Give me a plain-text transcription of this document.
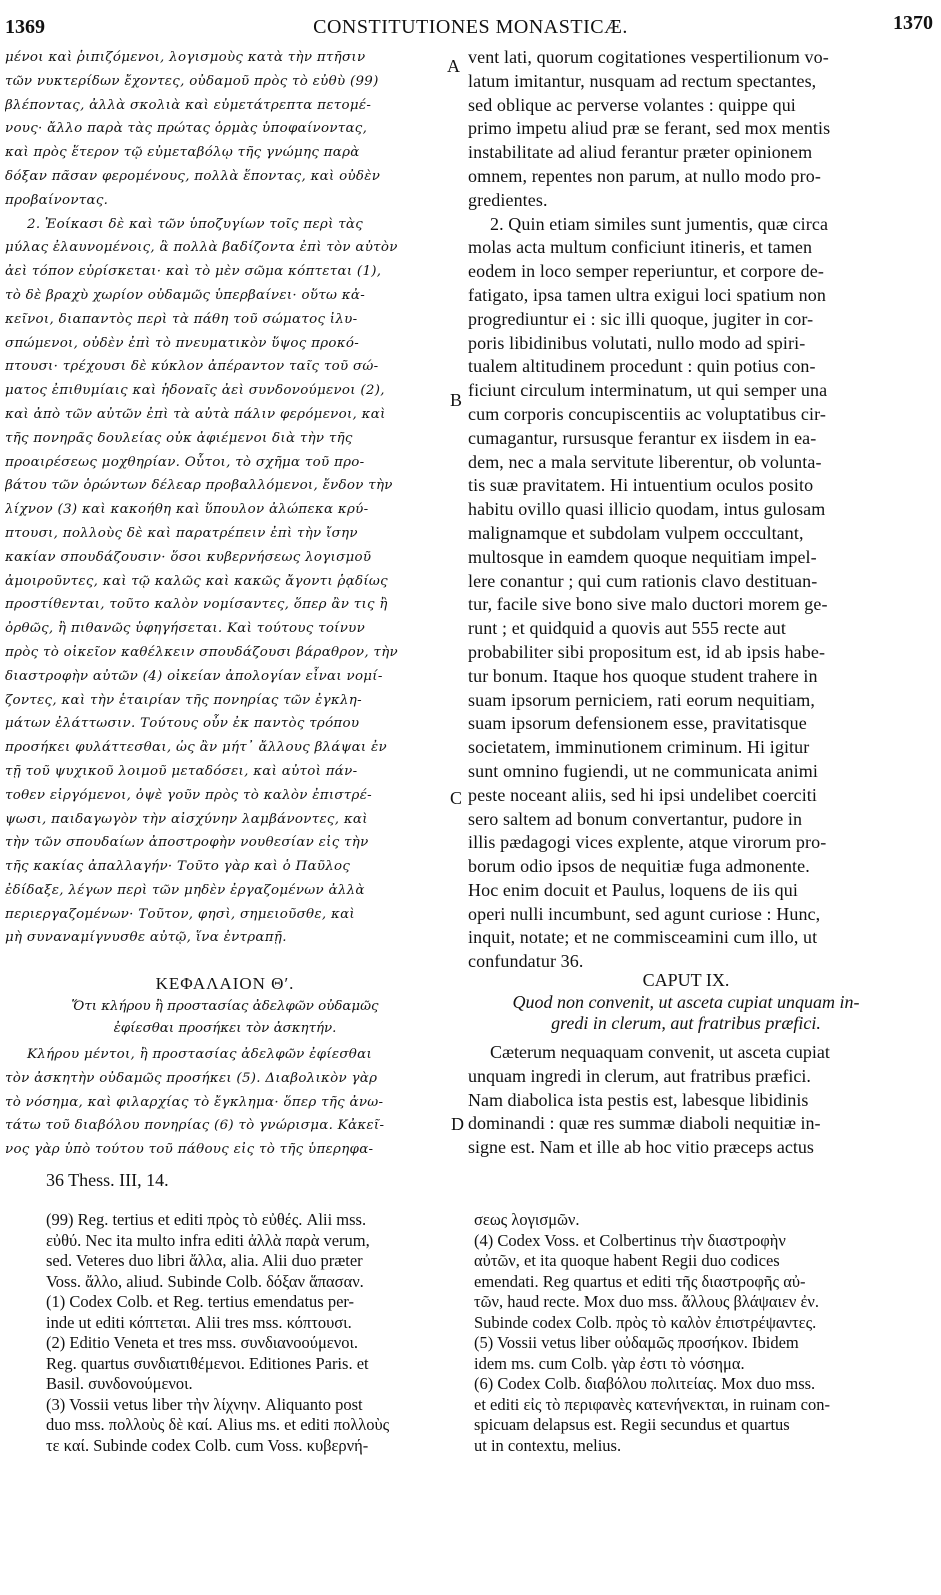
1369	CONSTITUTIONES MONASTICÆ.	1370
μένοι καὶ ῥιπιζόμενοι, λογισμοὺς κατὰ τὴν πτῆσιν
τῶν νυκτερίδων ἔχοντες, οὐδαμοῦ πρὸς τὸ εὐθὺ (99)
βλέποντας, ἀλλὰ σκολιὰ καὶ εὐμετάτρεπτα πετομέ-
νους· ἄλλο παρὰ τὰς πρώτας ὁρμὰς ὑποφαίνοντας,
καὶ πρὸς ἕτερον τῷ εὐμεταβόλῳ τῆς γνώμης παρὰ
δόξαν πᾶσαν φερομένους, πολλὰ ἕποντας, καὶ οὐδὲν
προβαίνοντας.
2. Ἐοίκασι δὲ καὶ τῶν ὑποζυγίων τοῖς περὶ τὰς
μύλας ἐλαυνομένοις, ἃ πολλὰ βαδίζοντα ἐπὶ τὸν αὐτὸν
ἀεὶ τόπον εὑρίσκεται· καὶ τὸ μὲν σῶμα κόπτεται (1),
τὸ δὲ βραχὺ χωρίον οὐδαμῶς ὑπερβαίνει· οὕτω κἀ-
κεῖνοι, διαπαντὸς περὶ τὰ πάθη τοῦ σώματος ἰλυ-
σπώμενοι, οὐδὲν ἐπὶ τὸ πνευματικὸν ὕψος προκό-
πτουσι· τρέχουσι δὲ κύκλον ἀπέραντον ταῖς τοῦ σώ-
ματος ἐπιθυμίαις καὶ ἡδοναῖς ἀεὶ συνδονούμενοι (2),
καὶ ἀπὸ τῶν αὐτῶν ἐπὶ τὰ αὐτὰ πάλιν φερόμενοι, καὶ
τῆς πονηρᾶς δουλείας οὐκ ἀφιέμενοι διὰ τὴν τῆς
προαιρέσεως μοχθηρίαν. Οὗτοι, τὸ σχῆμα τοῦ προ-
βάτου τῶν ὁρώντων δέλεαρ προβαλλόμενοι, ἔνδον τὴν
λίχνον (3) καὶ κακοήθη καὶ ὕπουλον ἀλώπεκα κρύ-
πτουσι, πολλοὺς δὲ καὶ παρατρέπειν ἐπὶ τὴν ἴσην
κακίαν σπουδάζουσιν· ὅσοι κυβερνήσεως λογισμοῦ
ἀμοιροῦντες, καὶ τῷ καλῶς καὶ κακῶς ἄγοντι ῥᾳδίως
προστίθενται, τοῦτο καλὸν νομίσαντες, ὅπερ ἂν τις ἢ
ὀρθῶς, ἢ πιθανῶς ὑφηγήσεται. Καὶ τούτους τοίνυν
πρὸς τὸ οἰκεῖον καθέλκειν σπουδάζουσι βάραθρον, τὴν
διαστροφὴν αὐτῶν (4) οἰκείαν ἀπολογίαν εἶναι νομί-
ζοντες, καὶ τὴν ἑταιρίαν τῆς πονηρίας τῶν ἐγκλη-
μάτων ἐλάττωσιν. Τούτους οὖν ἐκ παντὸς τρόπου
προσήκει φυλάττεσθαι, ὡς ἂν μήτ᾽ ἄλλους βλάψαι ἐν
τῇ τοῦ ψυχικοῦ λοιμοῦ μεταδόσει, καὶ αὐτοὶ πάν-
τοθεν εἰργόμενοι, ὀψὲ γοῦν πρὸς τὸ καλὸν ἐπιστρέ-
ψωσι, παιδαγωγὸν τὴν αἰσχύνην λαμβάνοντες, καὶ
τὴν τῶν σπουδαίων ἀποστροφὴν νουθεσίαν εἰς τὴν
τῆς κακίας ἀπαλλαγήν· Τοῦτο γὰρ καὶ ὁ Παῦλος
ἐδίδαξε, λέγων περὶ τῶν μηδὲν ἐργαζομένων ἀλλὰ
περιεργαζομένων· Τοῦτον, φησὶ, σημειοῦσθε, καὶ
μὴ συναναμίγνυσθε αὐτῷ, ἵνα ἐντραπῇ.
vent lati, quorum cogitationes vespertilionum vo-
latum imitantur, nusquam ad rectum spectantes,
sed oblique ac perverse volantes : quippe qui
primo impetu aliud præ se ferant, sed mox mentis
instabilitate ad aliud ferantur præter opinionem
omnem, repentes non parum, at nullo modo pro-
gredientes.
2. Quin etiam similes sunt jumentis, quæ circa
molas acta multum conficiunt itineris, et tamen
eodem in loco semper reperiuntur, et corpore de-
fatigato, ipsa tamen ultra exigui loci spatium non
progrediuntur ei : sic illi quoque, jugiter in cor-
poris libidinibus volutati, nullo modo ad spiri-
tualem altitudinem procedunt : quin potius con-
ficiunt circulum interminatum, ut qui semper una
cum corporis concupiscentiis ac voluptatibus cir-
cumagantur, rursusque ferantur ex iisdem in ea-
dem, nec a mala servitute liberentur, ob volunta-
tis suæ pravitatem. Hi intuentium oculos posito
habitu ovillo quasi illicio quodam, intus gulosam
malignamque et subdolam vulpem occcultant,
multosque in eamdem quoque nequitiam impel-
lere conantur ; qui cum rationis clavo destituan-
tur, facile sive bono sive malo ductori morem ge-
runt ; et quidquid a quovis aut 555 recte aut
probabiliter sibi propositum est, id ab ipsis habe-
tur bonum. Itaque hos quoque student trahere in
suam ipsorum perniciem, rati eorum nequitiam,
suam ipsorum defensionem esse, pravitatisque
societatem, imminutionem criminum. Hi igitur
sunt omnino fugiendi, ut ne communicata animi
peste noceant aliis, sed hi ipsi undelibet coerciti
sero saltem ad bonum convertantur, pudore in
illis pædagogi vices explente, atque virorum pro-
borum odio ipsos de nequitiæ fuga admonente.
Hoc enim docuit et Paulus, loquens de iis qui
operi nulli incumbunt, sed agunt curiose : Hunc,
inquit, notate; et ne commisceamini cum illo, ut
confundatur 36.
A
B
C
D
ΚΕΦΑΛΑΙΟΝ Θʹ.
Ὅτι κλήρου ἢ προστασίας ἀδελφῶν οὐδαμῶς
ἐφίεσθαι προσήκει τὸν ἀσκητήν.
CAPUT IX.
Quod non convenit, ut asceta cupiat unquam in-
gredi in clerum, aut fratribus præfici.
Κλήρου μέντοι, ἢ προστασίας ἀδελφῶν ἐφίεσθαι
τὸν ἀσκητὴν οὐδαμῶς προσήκει (5). Διαβολικὸν γὰρ
τὸ νόσημα, καὶ φιλαρχίας τὸ ἔγκλημα· ὅπερ τῆς ἀνω-
τάτω τοῦ διαβόλου πονηρίας (6) τὸ γνώρισμα. Κἀκεῖ-
νος γὰρ ὑπὸ τούτου τοῦ πάθους εἰς τὸ τῆς ὑπερηφα-
Cæterum nequaquam convenit, ut asceta cupiat
unquam ingredi in clerum, aut fratribus præfici.
Nam diabolica ista pestis est, labesque libidinis
dominandi : quæ res summæ diaboli nequitiæ in-
signe est. Nam et ille ab hoc vitio præceps actus
36 Thess. III, 14.
(99) Reg. tertius et editi πρὸς τὸ εὐθές. Alii mss.
εὐθύ. Nec ita multo infra editi ἀλλὰ παρὰ verum,
sed. Veteres duo libri ἄλλα, alia. Alii duo præter
Voss. ἄλλο, aliud. Subinde Colb. δόξαν ἅπασαν.
(1) Codex Colb. et Reg. tertius emendatus per-
inde ut editi κόπτεται. Alii tres mss. κόπτουσι.
(2) Editio Veneta et tres mss. συνδιανοούμενοι.
Reg. quartus συνδιατιθέμενοι. Editiones Paris. et
Basil. συνδονούμενοι.
(3) Vossii vetus liber τὴν λίχνην. Aliquanto post
duo mss. πολλοὺς δὲ καί. Alius ms. et editi πολλοὺς
τε καί. Subinde codex Colb. cum Voss. κυβερνή-
σεως λογισμῶν.
(4) Codex Voss. et Colbertinus τὴν διαστροφὴν
αὐτῶν, et ita quoque habent Regii duo codices
emendati. Reg quartus et editi τῆς διαστροφῆς αὐ-
τῶν, haud recte. Mox duo mss. ἄλλους βλάψαιεν ἐν.
Subinde codex Colb. πρὸς τὸ καλὸν ἐπιστρέψαντες.
(5) Vossii vetus liber οὐδαμῶς προσήκον. Ibidem
idem ms. cum Colb. γὰρ ἐστι τὸ νόσημα.
(6) Codex Colb. διαβόλου πολιτείας. Mox duo mss.
et editi εἰς τὸ περιφανὲς κατενήνεκται, in ruinam con-
spicuam delapsus est. Regii secundus et quartus
ut in contextu, melius.
